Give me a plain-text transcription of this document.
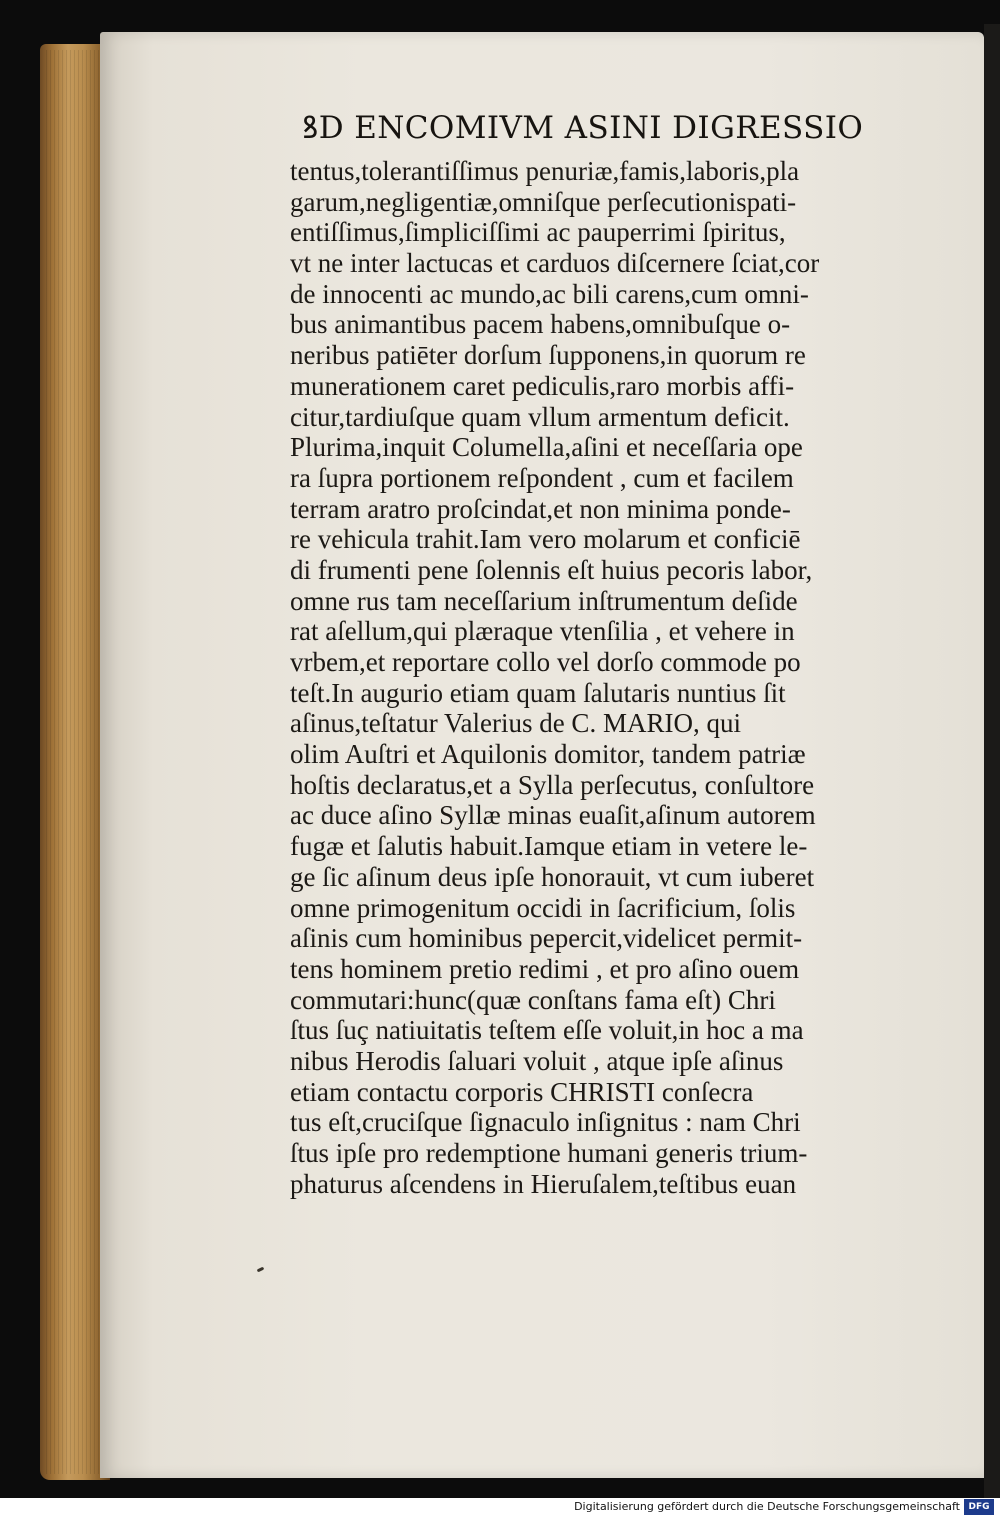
ꝸD ENCOMIVM ASINI DIGRESSIO
tentus,tolerantiſſimus penuriæ,famis,laboris,pla
garum,negligentiæ,omniſque perſecutionispati-
entiſſimus,ſimpliciſſimi ac pauperrimi ſpiritus,
vt ne inter lactucas et carduos diſcernere ſciat,cor
de innocenti ac mundo,ac bili carens,cum omni-
bus animantibus pacem habens,omnibuſque o-
neribus patiēter dorſum ſupponens,in quorum re
munerationem caret pediculis,raro morbis affi-
citur,tardiuſque quam vllum armentum deficit.
Plurima,inquit Columella,aſini et neceſſaria ope
ra ſupra portionem reſpondent , cum et facilem
terram aratro proſcindat,et non minima ponde-
re vehicula trahit.Iam vero molarum et conficiē
di frumenti pene ſolennis eſt huius pecoris labor,
omne rus tam neceſſarium inſtrumentum deſide
rat aſellum,qui plæraque vtenſilia , et vehere in
vrbem,et reportare collo vel dorſo commode po
teſt.In augurio etiam quam ſalutaris nuntius ſit
aſinus,teſtatur Valerius de C. MARIO, qui
olim Auſtri et Aquilonis domitor, tandem patriæ
hoſtis declaratus,et a Sylla perſecutus, conſultore
ac duce aſino Syllæ minas euaſit,aſinum autorem
fugæ et ſalutis habuit.Iamque etiam in vetere le-
ge ſic aſinum deus ipſe honorauit, vt cum iuberet
omne primogenitum occidi in ſacrificium, ſolis
aſinis cum hominibus pepercit,videlicet permit-
tens hominem pretio redimi , et pro aſino ouem
commutari:hunc(quæ conſtans fama eſt) Chri
ſtus ſuç natiuitatis teſtem eſſe voluit,in hoc a ma
nibus Herodis ſaluari voluit , atque ipſe aſinus
etiam contactu corporis CHRISTI conſecra
tus eſt,cruciſque ſignaculo inſignitus : nam Chri
ſtus ipſe pro redemptione humani generis trium-
phaturus aſcendens in Hieruſalem,teſtibus euan
Digitalisierung gefördert durch die Deutsche Forschungsgemeinschaft DFG
